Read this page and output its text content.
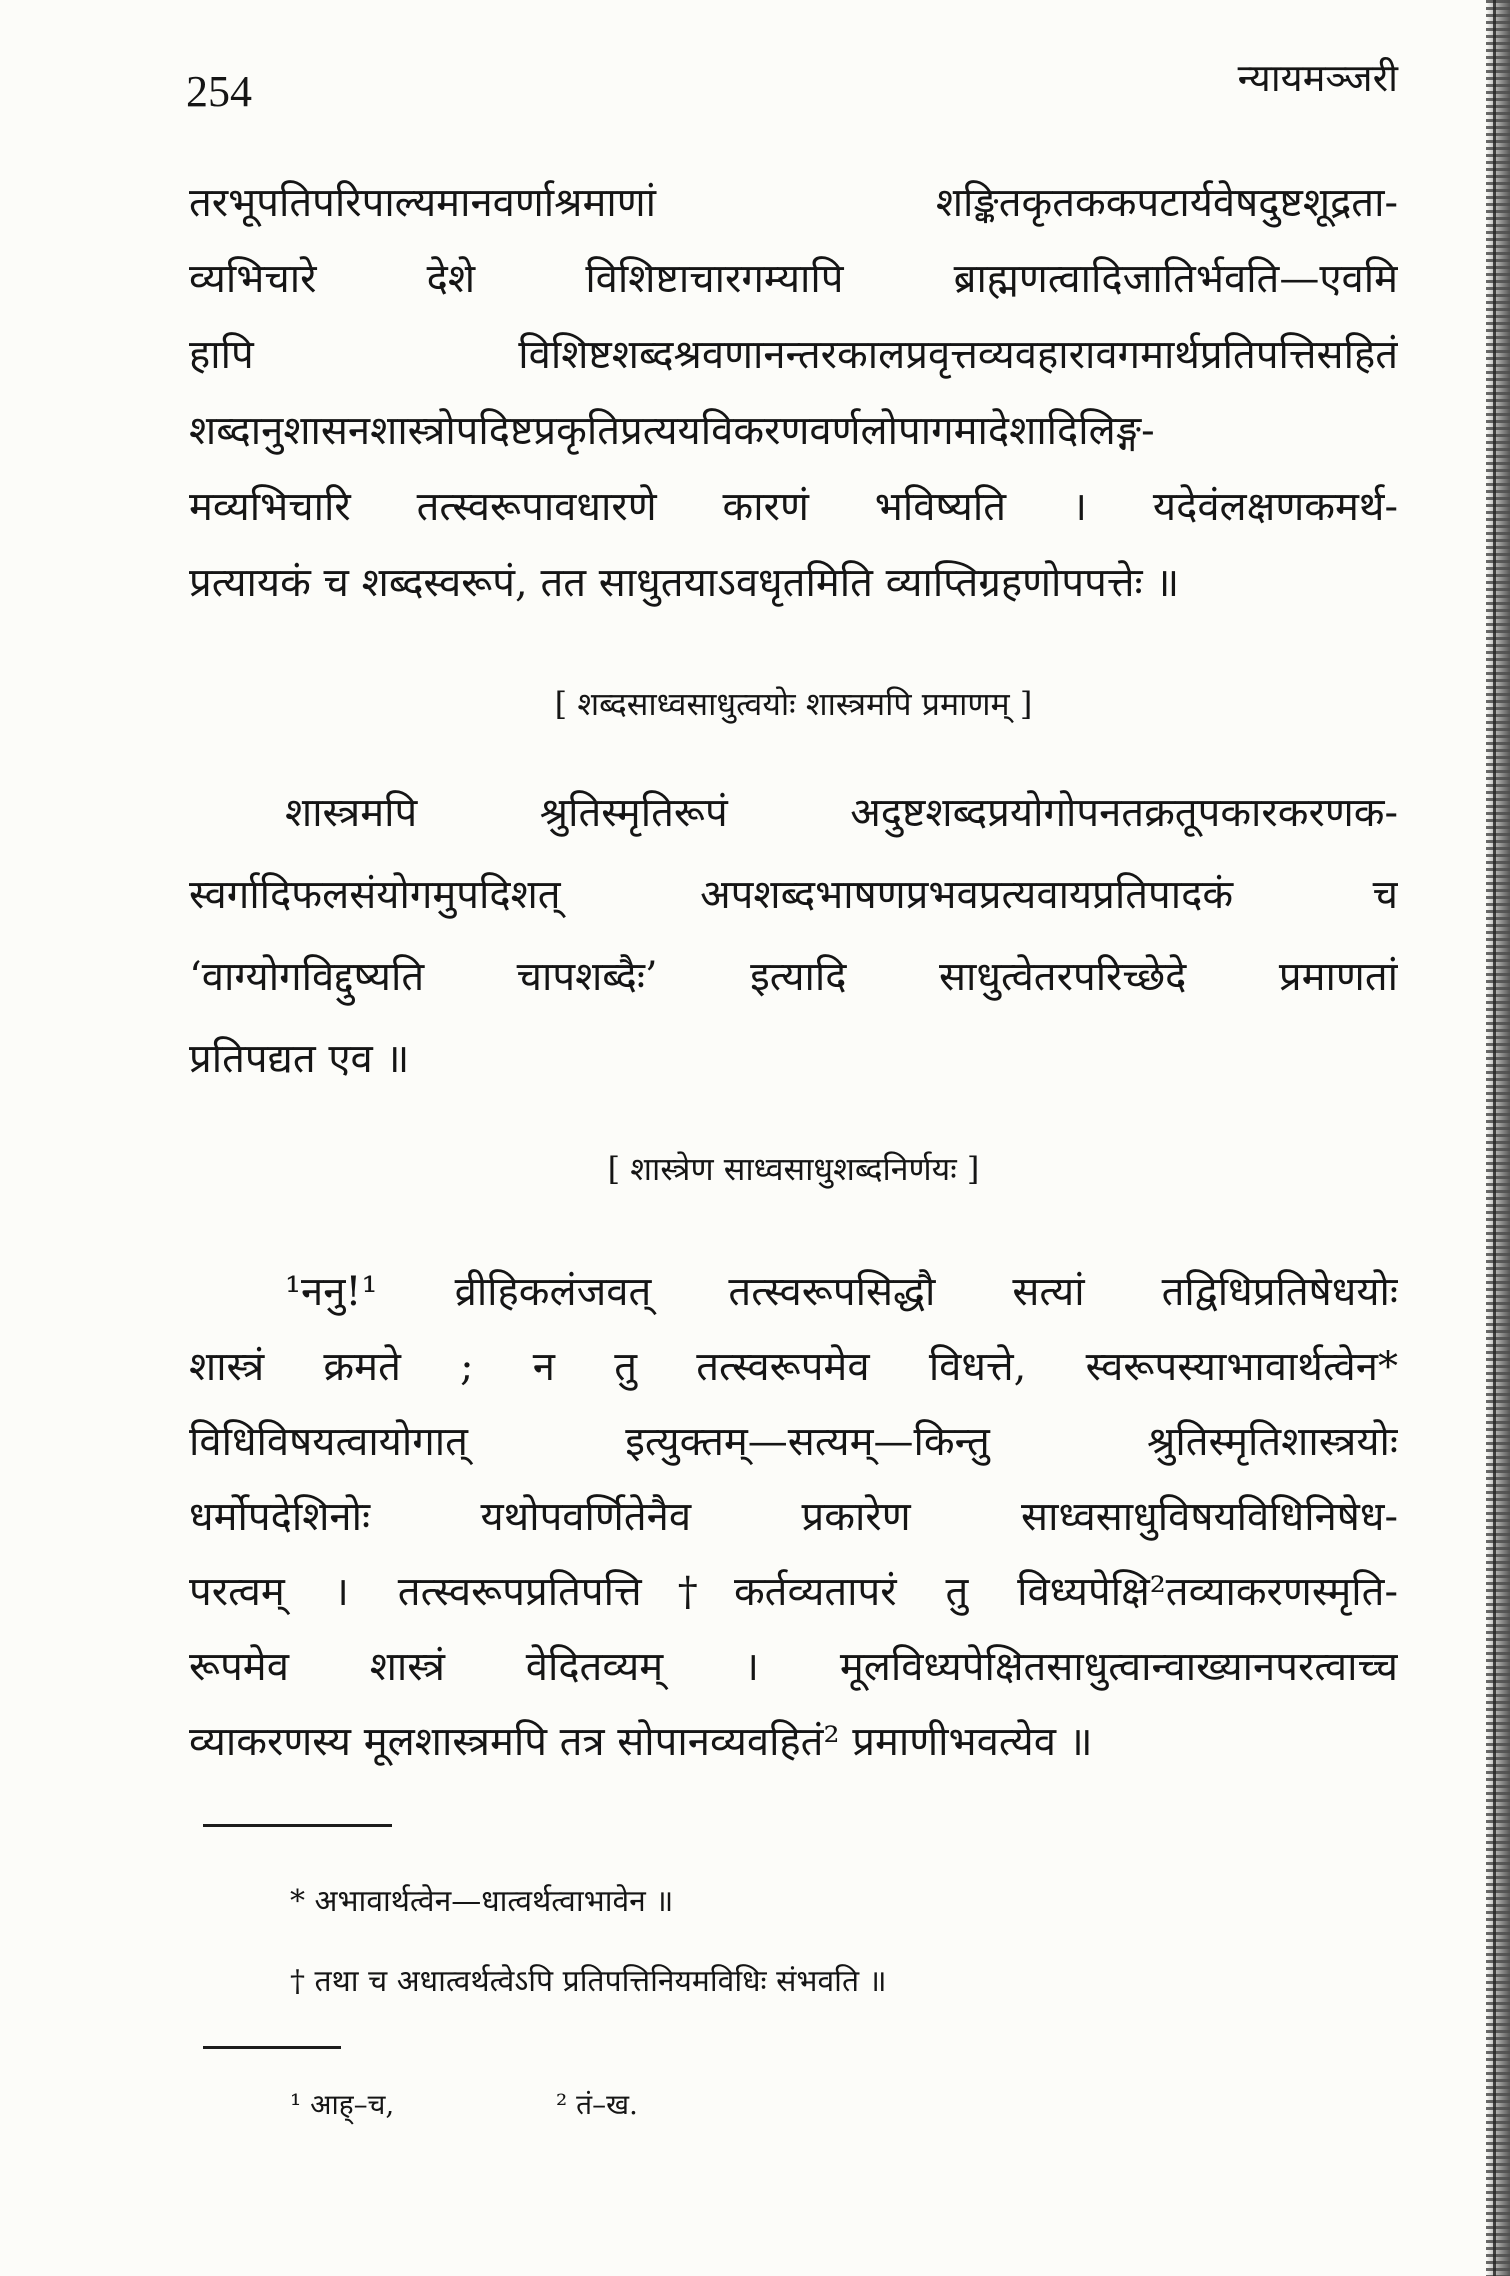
254	न्यायमञ्जरी
तरभूपतिपरिपाल्यमानवर्णाश्रमाणां शङ्कितकृतककपटार्यवेषदुष्टशूद्रता-
व्यभिचारे देशे विशिष्टाचारगम्यापि ब्राह्मणत्वादिजातिर्भवति—एवमि
हापि विशिष्टशब्दश्रवणानन्तरकालप्रवृत्तव्यवहारावगमार्थप्रतिपत्तिसहितं
शब्दानुशासनशास्त्रोपदिष्टप्रकृतिप्रत्ययविकरणवर्णलोपागमादेशादिलिङ्ग-
मव्यभिचारि तत्स्वरूपावधारणे कारणं भविष्यति । यदेवंलक्षणकमर्थ-
प्रत्यायकं च शब्दस्वरूपं, तत साधुतयाऽवधृतमिति व्याप्तिग्रहणोपपत्तेः ॥
[ शब्दसाध्वसाधुत्वयोः शास्त्रमपि प्रमाणम् ]
शास्त्रमपि श्रुतिस्मृतिरूपं अदुष्टशब्दप्रयोगोपनतक्रतूपकारकरणक-
स्वर्गादिफलसंयोगमुपदिशत् अपशब्दभाषणप्रभवप्रत्यवायप्रतिपादकं च
‘वाग्योगविद्दुष्यति चापशब्दैः’ इत्यादि साधुत्वेतरपरिच्छेदे प्रमाणतां
प्रतिपद्यत एव ॥
[ शास्त्रेण साध्वसाधुशब्दनिर्णयः ]
¹ननु!¹ व्रीहिकलंजवत् तत्स्वरूपसिद्धौ सत्यां तद्विधिप्रतिषेधयोः
शास्त्रं क्रमते ; न तु तत्स्वरूपमेव विधत्ते, स्वरूपस्याभावार्थत्वेन*
विधिविषयत्वायोगात् इत्युक्तम्—सत्यम्—किन्तु श्रुतिस्मृतिशास्त्रयोः
धर्मोपदेशिनोः यथोपवर्णितेनैव प्रकारेण साध्वसाधुविषयविधिनिषेध-
परत्वम् । तत्स्वरूपप्रतिपत्ति†कर्तव्यतापरं तु विध्यपेक्षि²तव्याकरणस्मृति-
रूपमेव शास्त्रं वेदितव्यम् । मूलविध्यपेक्षितसाधुत्वान्वाख्यानपरत्वाच्च
व्याकरणस्य मूलशास्त्रमपि तत्र सोपानव्यवहितं² प्रमाणीभवत्येव ॥
* अभावार्थत्वेन—धात्वर्थत्वाभावेन ॥
† तथा च अधात्वर्थत्वेऽपि प्रतिपत्तिनियमविधिः संभवति ॥
¹ आह्–च,	² तं–ख.
